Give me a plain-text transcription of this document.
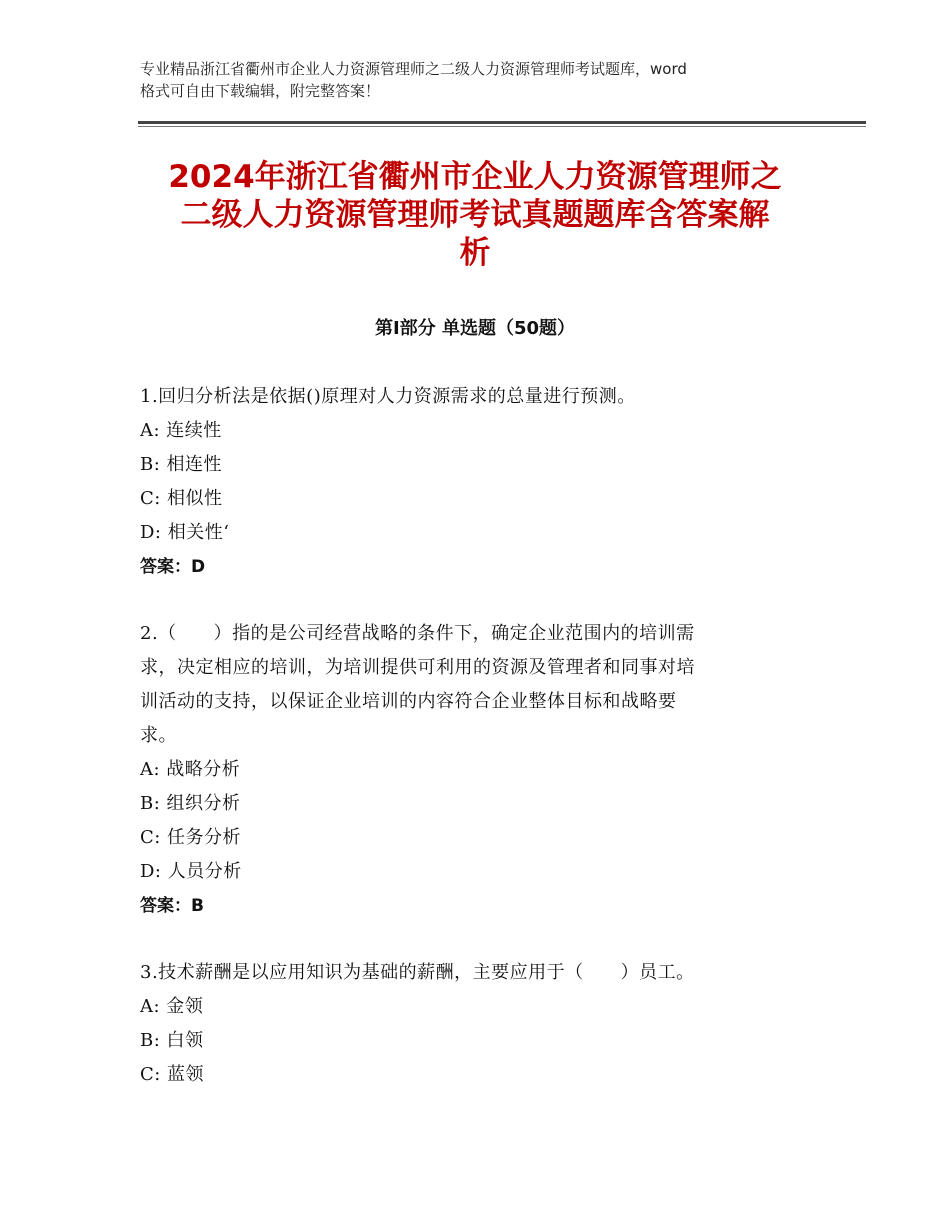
专业精品浙江省衢州市企业人力资源管理师之二级人力资源管理师考试题库，word
格式可自由下载编辑，附完整答案！
2024年浙江省衢州市企业人力资源管理师之
二级人力资源管理师考试真题题库含答案解
析
第Ⅰ部分 单选题（50题）
1.回归分析法是依据()原理对人力资源需求的总量进行预测。
A: 连续性
B: 相连性
C: 相似性
D: 相关性‘
答案：D
2.（　　）指的是公司经营战略的条件下，确定企业范围内的培训需
求，决定相应的培训，为培训提供可利用的资源及管理者和同事对培
训活动的支持，以保证企业培训的内容符合企业整体目标和战略要
求。
A: 战略分析
B: 组织分析
C: 任务分析
D: 人员分析
答案：B
3.技术薪酬是以应用知识为基础的薪酬，主要应用于（　　）员工。
A: 金领
B: 白领
C: 蓝领
